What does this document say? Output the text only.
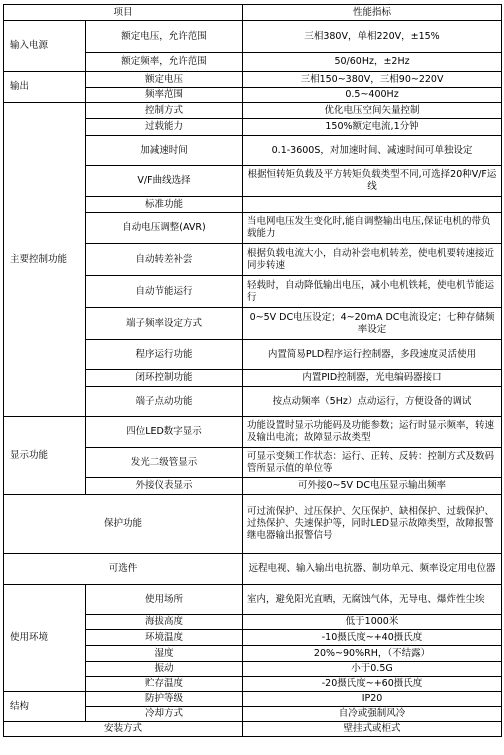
项目		性能指标
输入电源	额定电压，允许范围	三相380V，单相220V，±15%
	额定频率，允许范围	50/60Hz，±2Hz
输出	额定电压	三相150~380V，三相90~220V
	频率范围	0.5~400Hz
主要控制功能	控制方式	优化电压空间矢量控制
	过载能力	150%额定电流,1分钟
	加减速时间	0.1-3600S，对加速时间、减速时间可单独设定
	V/F曲线选择	根据恒转矩负载及平方转矩负载类型不同,可选择20种V/F运线
	标准功能	
	自动电压调整(AVR)	当电网电压发生变化时,能自调整输出电压,保证电机的带负载能力
	自动转差补尝	根据负载电流大小，自动补尝电机转差，使电机要转速接近同步转速
	自动节能运行	轻载时，自动降低输出电压，减小电机铁耗，使电机节能运行
	端子频率设定方式	0~5V DC电压设定；4~20mA DC电流设定；七种存储频率设定
	程序运行功能	内置简易PLD程序运行控制器，多段速度灵活使用
	闭环控制功能	内置PID控制器，光电编码器接口
	端子点动功能	按点动频率（5Hz）点动运行，方便设备的调试
显示功能	四位LED数字显示	功能设置时显示功能码及功能参数；运行时显示频率，转速及输出电流；故障显示故类型
	发光二级管显示	可显示变频工作状态：运行、正转、反转：控制方式及数码管所显示值的单位等
	外接仪表显示	可外接0~5V DC电压显示输出频率
保护功能		可过流保护、过压保护、欠压保护、缺相保护、过载保护、过热保护、失速保护等，同时LED显示故障类型，故障报警继电器输出报警信号
可选件		远程电视、输入输出电抗器、制功单元、频率设定用电位器
使用环境	使用场所	室内，避免阳光直晒，无腐蚀气体，无导电、爆炸性尘埃
	海拔高度	低于1000米
	环境温度	-10摄氏度~+40摄氏度
	湿度	20%~90%RH，（不结露）
	振动	小于0.5G
	贮存温度	-20摄氏度~+60摄氏度
结构	防护等级	IP20
	冷却方式	自冷或强制风冷
安装方式		壁挂式或柜式
